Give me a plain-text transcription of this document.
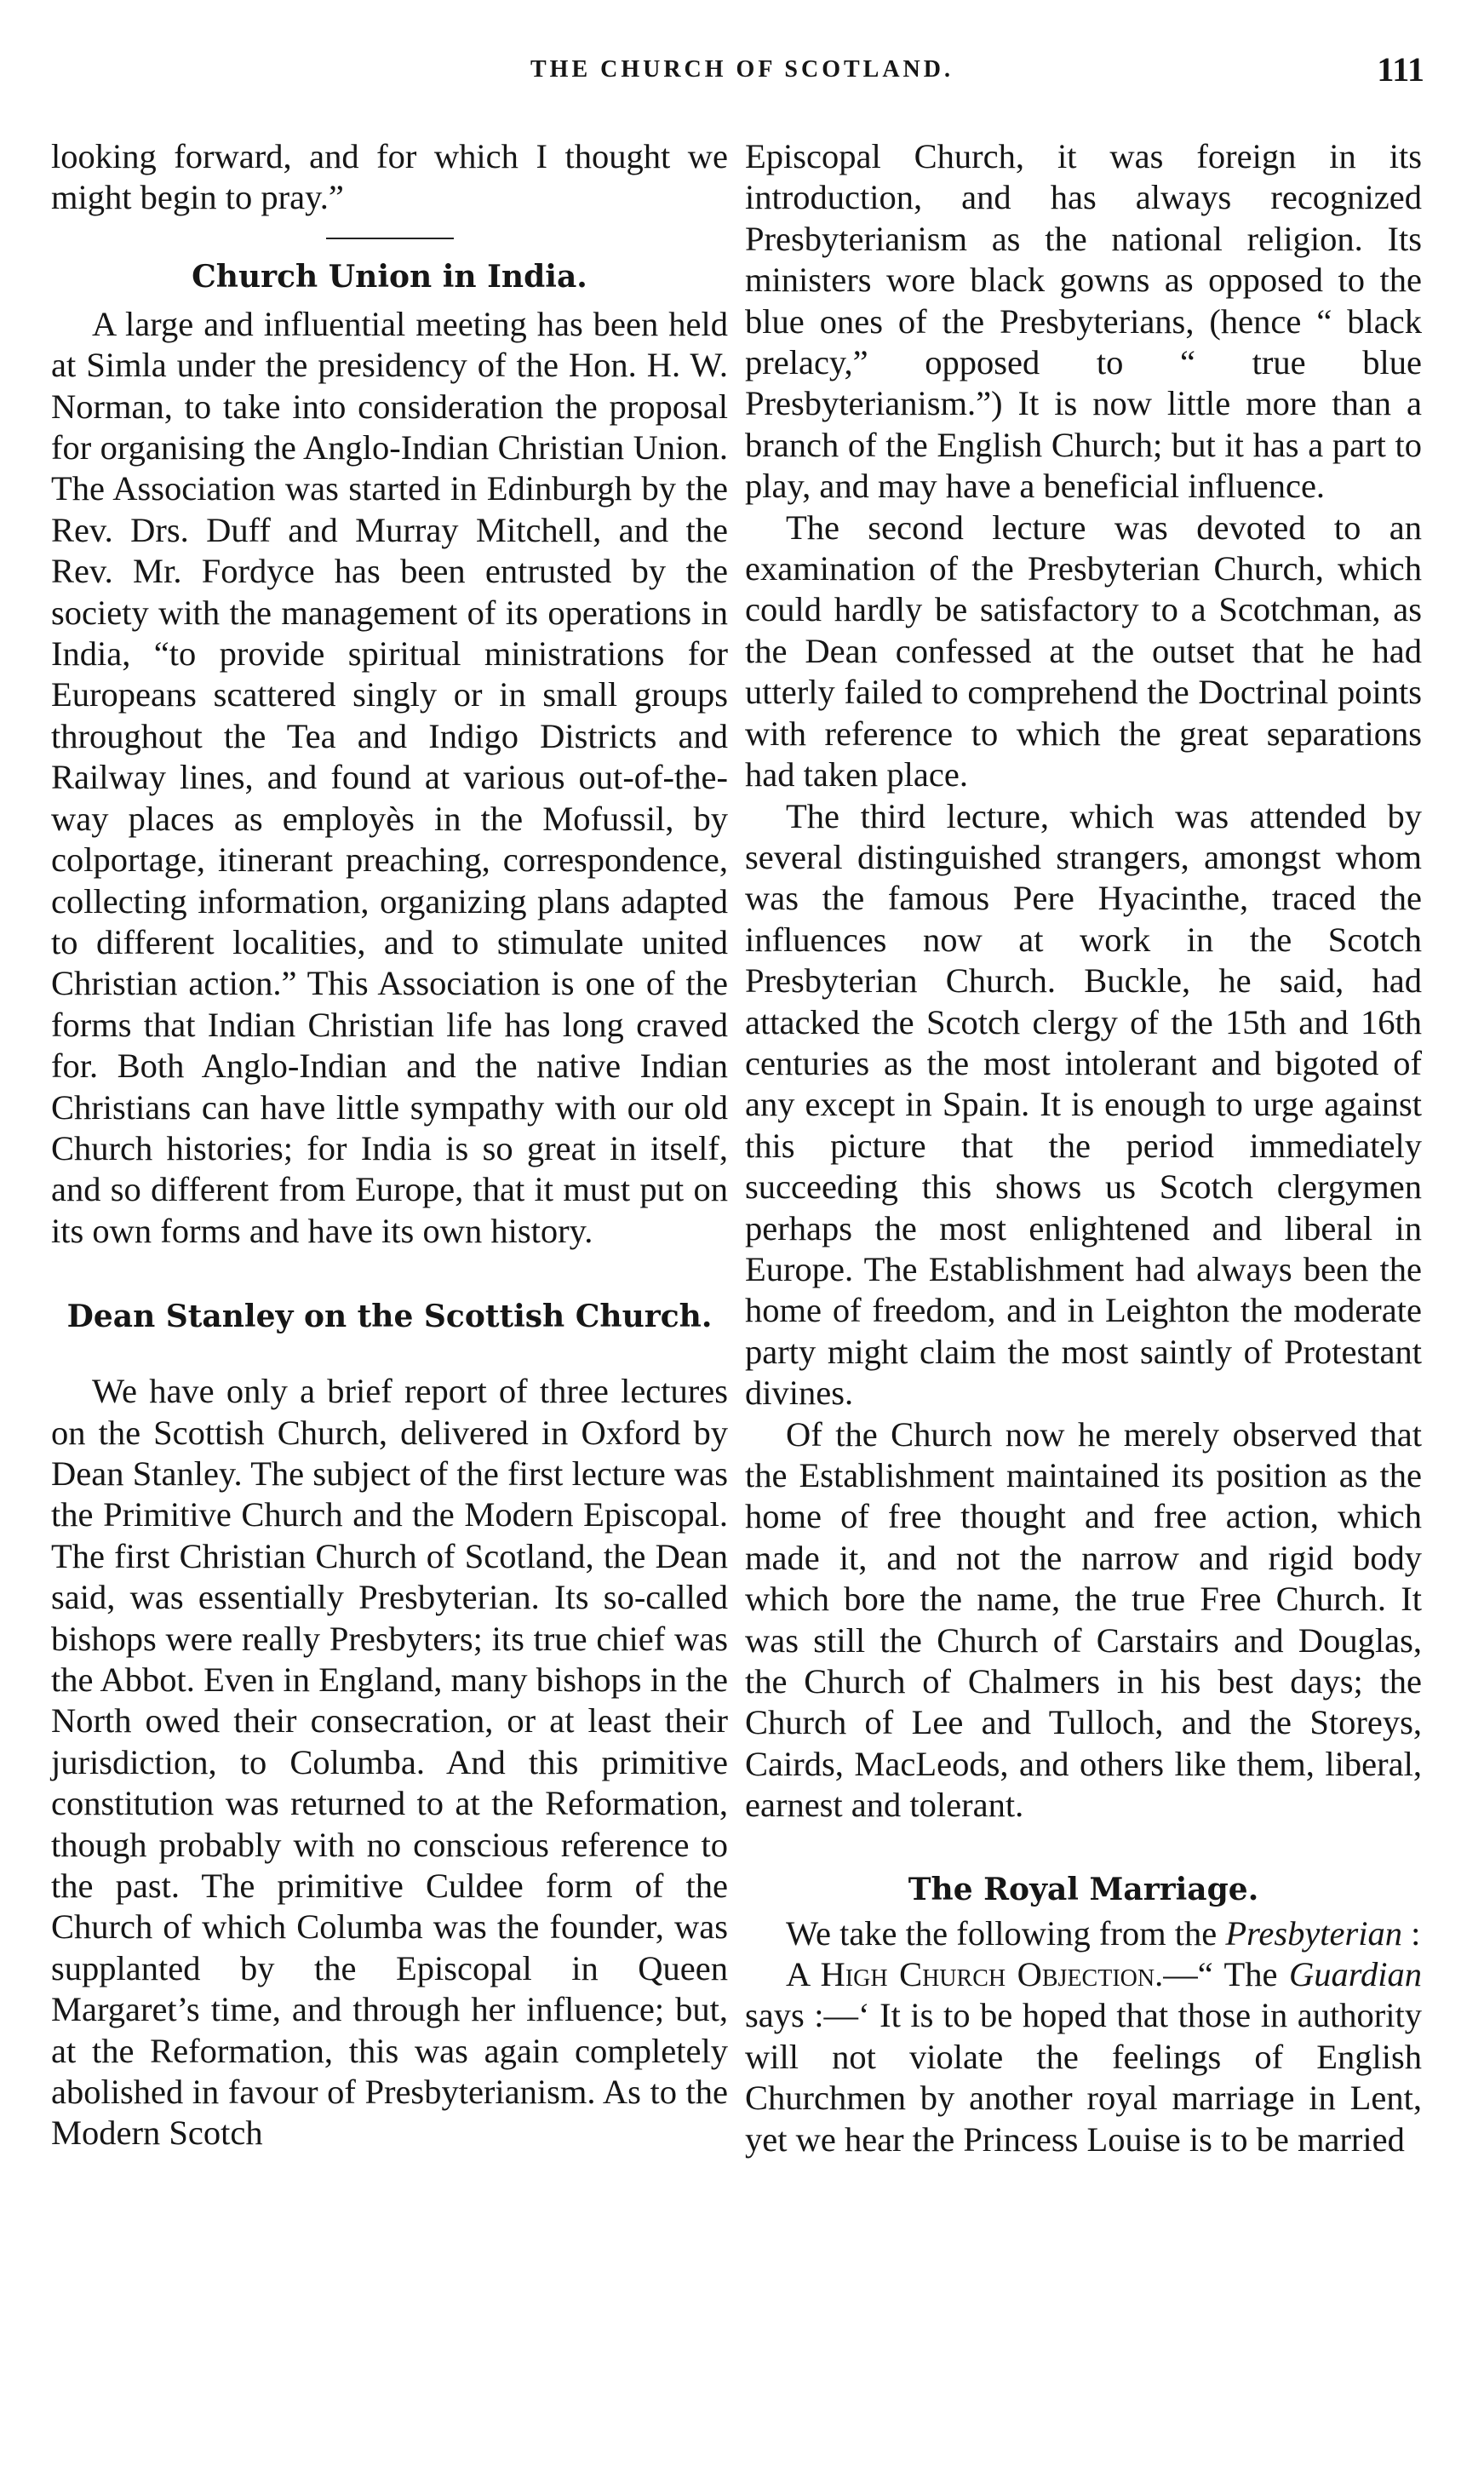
THE CHURCH OF SCOTLAND.	111

looking forward, and for which I thought we might begin to pray.”

Church Union in India.

A large and influential meeting has been held at Simla under the presidency of the Hon. H. W. Norman, to take into consideration the proposal for organising the Anglo-Indian Christian Union. The Association was started in Edinburgh by the Rev. Drs. Duff and Murray Mitchell, and the Rev. Mr. Fordyce has been entrusted by the society with the management of its operations in India, “to provide spiritual ministrations for Europeans scattered singly or in small groups throughout the Tea and Indigo Districts and Railway lines, and found at various out-of-the-way places as employès in the Mofussil, by colportage, itinerant preaching, correspondence, collecting information, organizing plans adapted to different localities, and to stimulate united Christian action.” This Association is one of the forms that Indian Christian life has long craved for. Both Anglo-Indian and the native Indian Christians can have little sympathy with our old Church histories; for India is so great in itself, and so different from Europe, that it must put on its own forms and have its own history.

Dean Stanley on the Scottish Church.

We have only a brief report of three lectures on the Scottish Church, delivered in Oxford by Dean Stanley. The subject of the first lecture was the Primitive Church and the Modern Episcopal. The first Christian Church of Scotland, the Dean said, was essentially Presbyterian. Its so-called bishops were really Presbyters; its true chief was the Abbot. Even in England, many bishops in the North owed their consecration, or at least their jurisdiction, to Columba. And this primitive constitution was returned to at the Reformation, though probably with no conscious reference to the past. The primitive Culdee form of the Church of which Columba was the founder, was supplanted by the Episcopal in Queen Margaret’s time, and through her influence; but, at the Reformation, this was again completely abolished in favour of Presbyterianism. As to the Modern Scotch

Episcopal Church, it was foreign in its introduction, and has always recognized Presbyterianism as the national religion. Its ministers wore black gowns as opposed to the blue ones of the Presbyterians, (hence “ black prelacy,” opposed to “ true blue Presbyterianism.”) It is now little more than a branch of the English Church; but it has a part to play, and may have a beneficial influence.

The second lecture was devoted to an examination of the Presbyterian Church, which could hardly be satisfactory to a Scotchman, as the Dean confessed at the outset that he had utterly failed to comprehend the Doctrinal points with reference to which the great separations had taken place.

The third lecture, which was attended by several distinguished strangers, amongst whom was the famous Pere Hyacinthe, traced the influences now at work in the Scotch Presbyterian Church. Buckle, he said, had attacked the Scotch clergy of the 15th and 16th centuries as the most intolerant and bigoted of any except in Spain. It is enough to urge against this picture that the period immediately succeeding this shows us Scotch clergymen perhaps the most enlightened and liberal in Europe. The Establishment had always been the home of freedom, and in Leighton the moderate party might claim the most saintly of Protestant divines.

Of the Church now he merely observed that the Establishment maintained its position as the home of free thought and free action, which made it, and not the narrow and rigid body which bore the name, the true Free Church. It was still the Church of Carstairs and Douglas, the Church of Chalmers in his best days; the Church of Lee and Tulloch, and the Storeys, Cairds, MacLeods, and others like them, liberal, earnest and tolerant.

The Royal Marriage.

We take the following from the Presbyterian :

A High Church Objection.—“ The Guardian says :—‘ It is to be hoped that those in authority will not violate the feelings of English Churchmen by another royal marriage in Lent, yet we hear the Princess Louise is to be married
